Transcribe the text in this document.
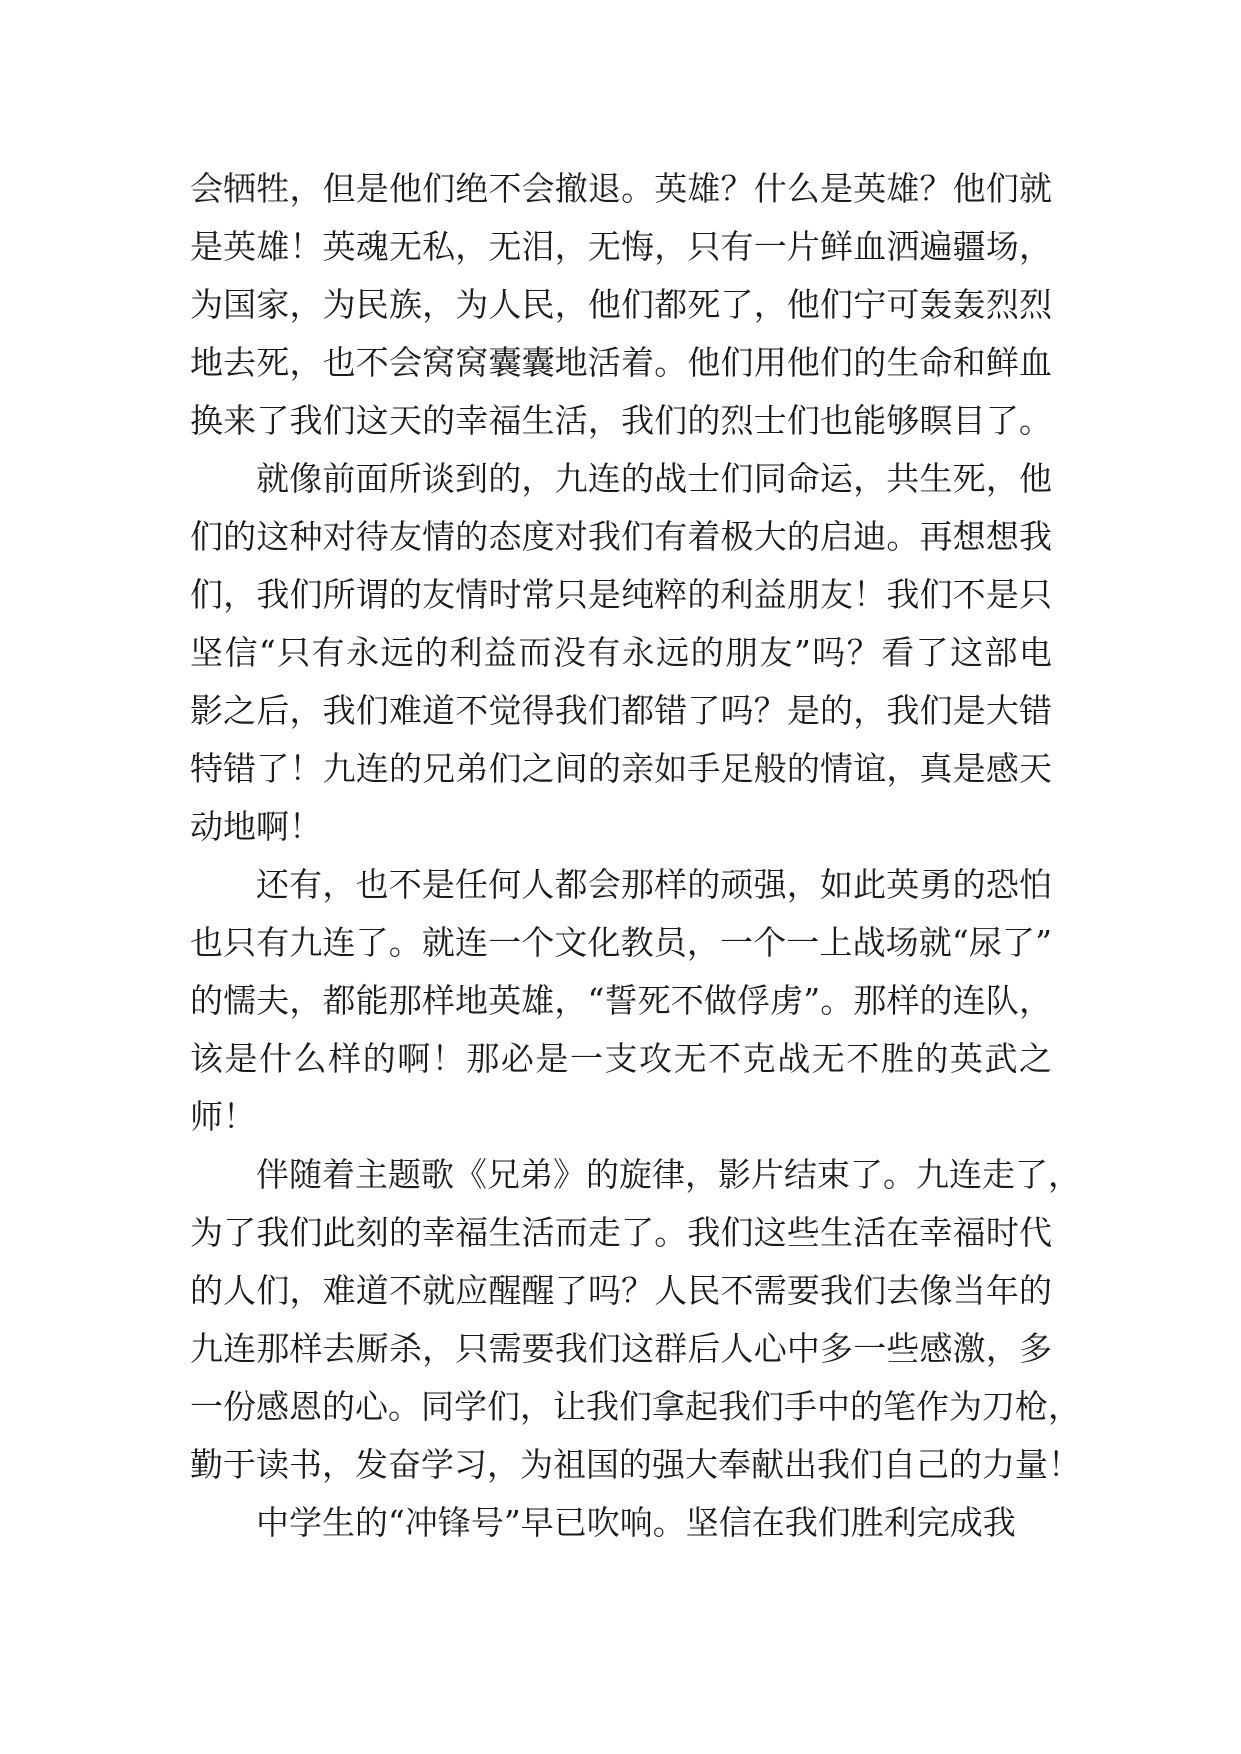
会牺牲，但是他们绝不会撤退。英雄？什么是英雄？他们就
是英雄！英魂无私，无泪，无悔，只有一片鲜血洒遍疆场，
为国家，为民族，为人民，他们都死了，他们宁可轰轰烈烈
地去死，也不会窝窝囊囊地活着。他们用他们的生命和鲜血
换来了我们这天的幸福生活，我们的烈士们也能够瞑目了。
就像前面所谈到的，九连的战士们同命运，共生死，他
们的这种对待友情的态度对我们有着极大的启迪。再想想我
们，我们所谓的友情时常只是纯粹的利益朋友！我们不是只
坚信“只有永远的利益而没有永远的朋友”吗？看了这部电
影之后，我们难道不觉得我们都错了吗？是的，我们是大错
特错了！九连的兄弟们之间的亲如手足般的情谊，真是感天
动地啊！
还有，也不是任何人都会那样的顽强，如此英勇的恐怕
也只有九连了。就连一个文化教员，一个一上战场就“尿了”
的懦夫，都能那样地英雄，“誓死不做俘虏”。那样的连队，
该是什么样的啊！那必是一支攻无不克战无不胜的英武之
师！
伴随着主题歌《兄弟》的旋律，影片结束了。九连走了，
为了我们此刻的幸福生活而走了。我们这些生活在幸福时代
的人们，难道不就应醒醒了吗？人民不需要我们去像当年的
九连那样去厮杀，只需要我们这群后人心中多一些感激，多
一份感恩的心。同学们，让我们拿起我们手中的笔作为刀枪，
勤于读书，发奋学习，为祖国的强大奉献出我们自己的力量！
中学生的“冲锋号”早已吹响。坚信在我们胜利完成我
